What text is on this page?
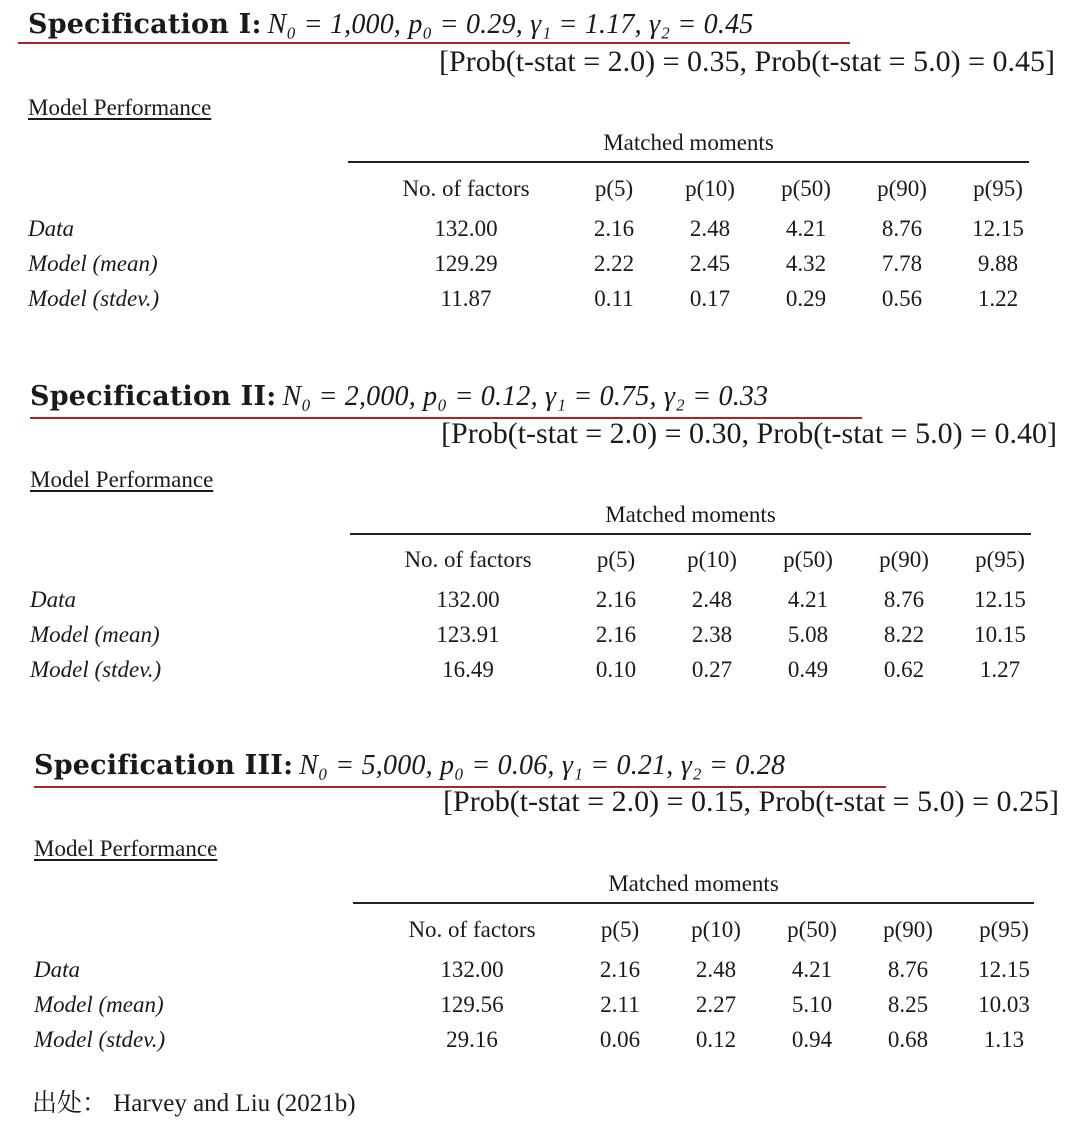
Specification I: N₀ = 1,000, p₀ = 0.29, γ₁ = 1.17, γ₂ = 0.45
[Prob(t-stat = 2.0) = 0.35, Prob(t-stat = 5.0) = 0.45]
Model Performance
Matched moments
	No. of factors	p(5)	p(10)	p(50)	p(90)	p(95)
Data	132.00	2.16	2.48	4.21	8.76	12.15
Model (mean)	129.29	2.22	2.45	4.32	7.78	9.88
Model (stdev.)	11.87	0.11	0.17	0.29	0.56	1.22
Specification II: N₀ = 2,000, p₀ = 0.12, γ₁ = 0.75, γ₂ = 0.33
[Prob(t-stat = 2.0) = 0.30, Prob(t-stat = 5.0) = 0.40]
Model Performance
Matched moments
	No. of factors	p(5)	p(10)	p(50)	p(90)	p(95)
Data	132.00	2.16	2.48	4.21	8.76	12.15
Model (mean)	123.91	2.16	2.38	5.08	8.22	10.15
Model (stdev.)	16.49	0.10	0.27	0.49	0.62	1.27
Specification III: N₀ = 5,000, p₀ = 0.06, γ₁ = 0.21, γ₂ = 0.28
[Prob(t-stat = 2.0) = 0.15, Prob(t-stat = 5.0) = 0.25]
Model Performance
Matched moments
	No. of factors	p(5)	p(10)	p(50)	p(90)	p(95)
Data	132.00	2.16	2.48	4.21	8.76	12.15
Model (mean)	129.56	2.11	2.27	5.10	8.25	10.03
Model (stdev.)	29.16	0.06	0.12	0.94	0.68	1.13
出处： Harvey and Liu (2021b)
